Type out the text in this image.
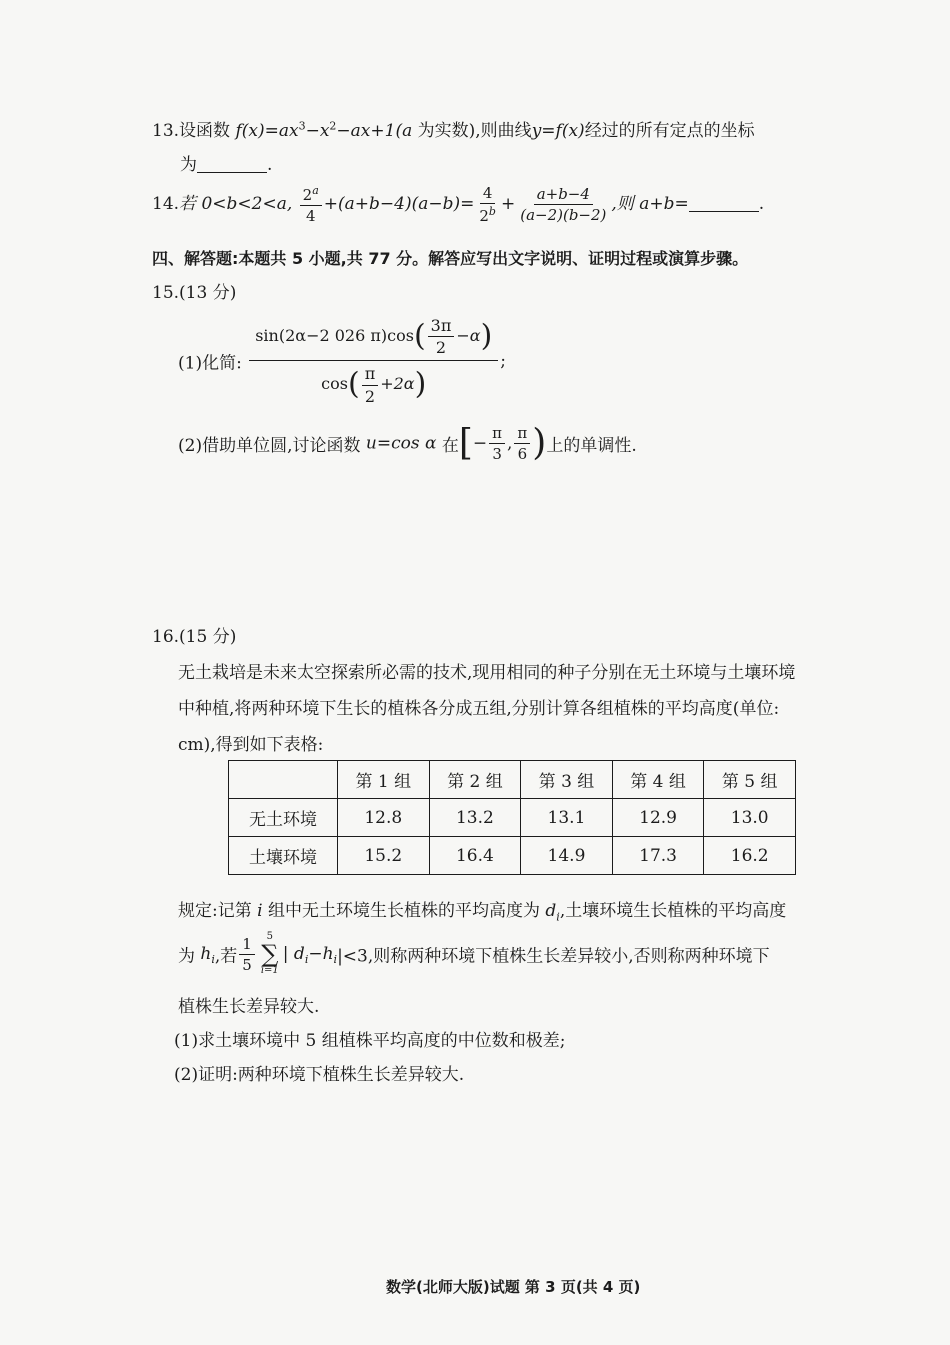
13.设函数 $f(x)=ax^3-x^2-ax+1(a$ 为实数),则曲线y=f(x)经过的所有定点的坐标
为	.
14.若 0<b<2<a, $\frac{2^a}{4} +(a+b-4)(a-b)= \frac{4}{2^b} + \frac{a+b-4}{(a-2)(b-2)}$ ,则 a+b=	.
四、解答题:本题共 5 小题,共 77 分。解答应写出文字说明、证明过程或演算步骤。
15.(13 分)
(1)化简: $\frac{\sin(2\alpha-2 026 \pi)\cos( \frac{3\pi}{2} -\alpha)}{\cos( \frac{\pi}{2} +2\alpha)}$ ;
(2)借助单位圆,讨论函数 u=cos α 在[− $\frac{\pi}{3}$ , $\frac{\pi}{6}$ )上的单调性.
16.(15 分)
无土栽培是未来太空探索所必需的技术,现用相同的种子分别在无土环境与土壤环境
中种植,将两种环境下生长的植株各分成五组,分别计算各组植株的平均高度(单位:
cm),得到如下表格:
	第 1 组	第 2 组	第 3 组	第 4 组	第 5 组
无土环境	12.8	13.2	13.1	12.9	13.0
土壤环境	15.2	16.4	14.9	17.3	16.2
规定:记第 i 组中无土环境生长植株的平均高度为 $d_i$,土壤环境生长植株的平均高度
为 $h_i$,若 $\frac{1}{5} 5$
∑
i=1
| $d_i-h_i|<3$,则称两种环境下植株生长差异较小,否则称两种环境下
植株生长差异较大.
(1)求土壤环境中 5 组植株平均高度的中位数和极差;
(2)证明:两种环境下植株生长差异较大.
数学(北师大版)试题 第 3 页(共 4 页)
